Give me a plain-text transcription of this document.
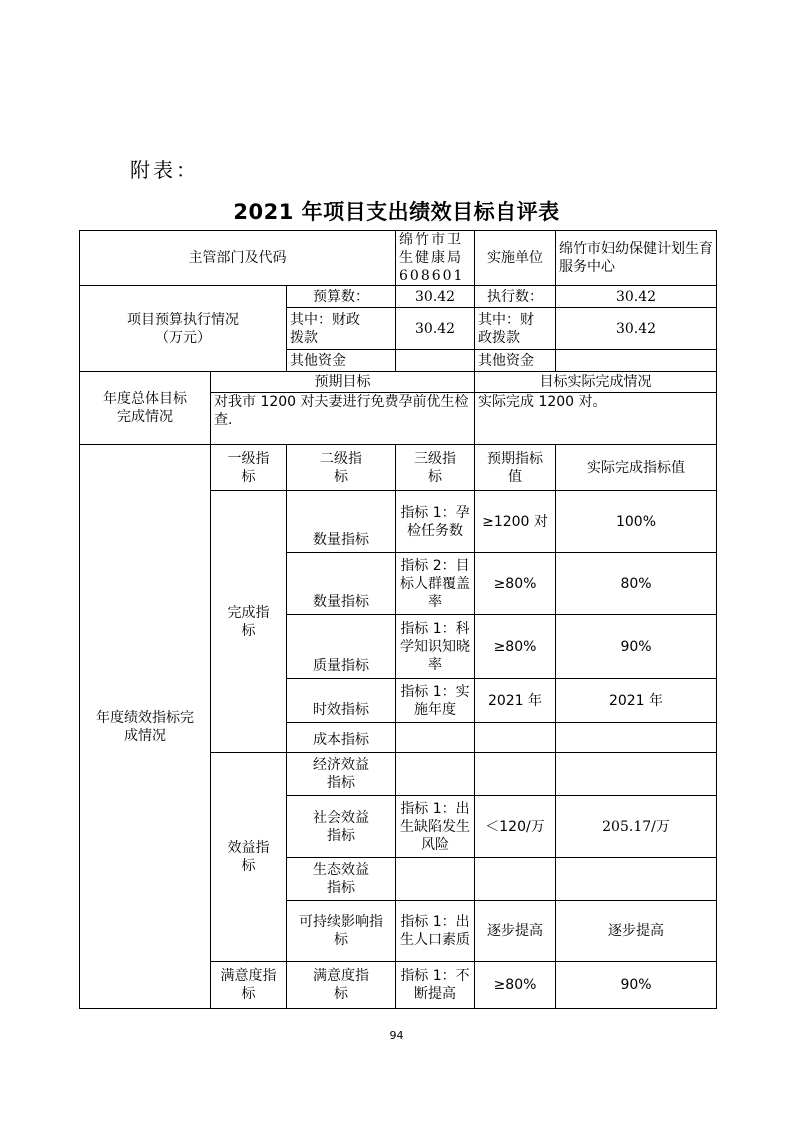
附表：
2021 年项目支出绩效目标自评表
主管部门及代码			绵竹市卫生健康局 608601	实施单位	绵竹市妇幼保健计划生育服务中心
项目预算执行情况（万元）		预算数：	30.42	执行数：	30.42
		其中：财政拨款	30.42	其中：财政拨款	30.42
		其他资金		其他资金	
年度总体目标完成情况	预期目标			目标实际完成情况	
	对我市 1200 对夫妻进行免费孕前优生检查.			实际完成 1200 对。	
年度绩效指标完成情况	一级指标	二级指标	三级指标	预期指标值	实际完成指标值
	完成指标	数量指标	指标 1：孕检任务数	≥1200 对	100%
		数量指标	指标 2：目标人群覆盖率	≥80%	80%
		质量指标	指标 1：科学知识知晓率	≥80%	90%
		时效指标	指标 1：实施年度	2021 年	2021 年
		成本指标			
	效益指标	经济效益指标			
		社会效益指标	指标 1：出生缺陷发生风险	＜120/万	205.17/万
		生态效益指标			
		可持续影响指标	指标 1：出生人口素质	逐步提高	逐步提高
	满意度指标	满意度指标	指标 1：不断提高	≥80%	90%
94
